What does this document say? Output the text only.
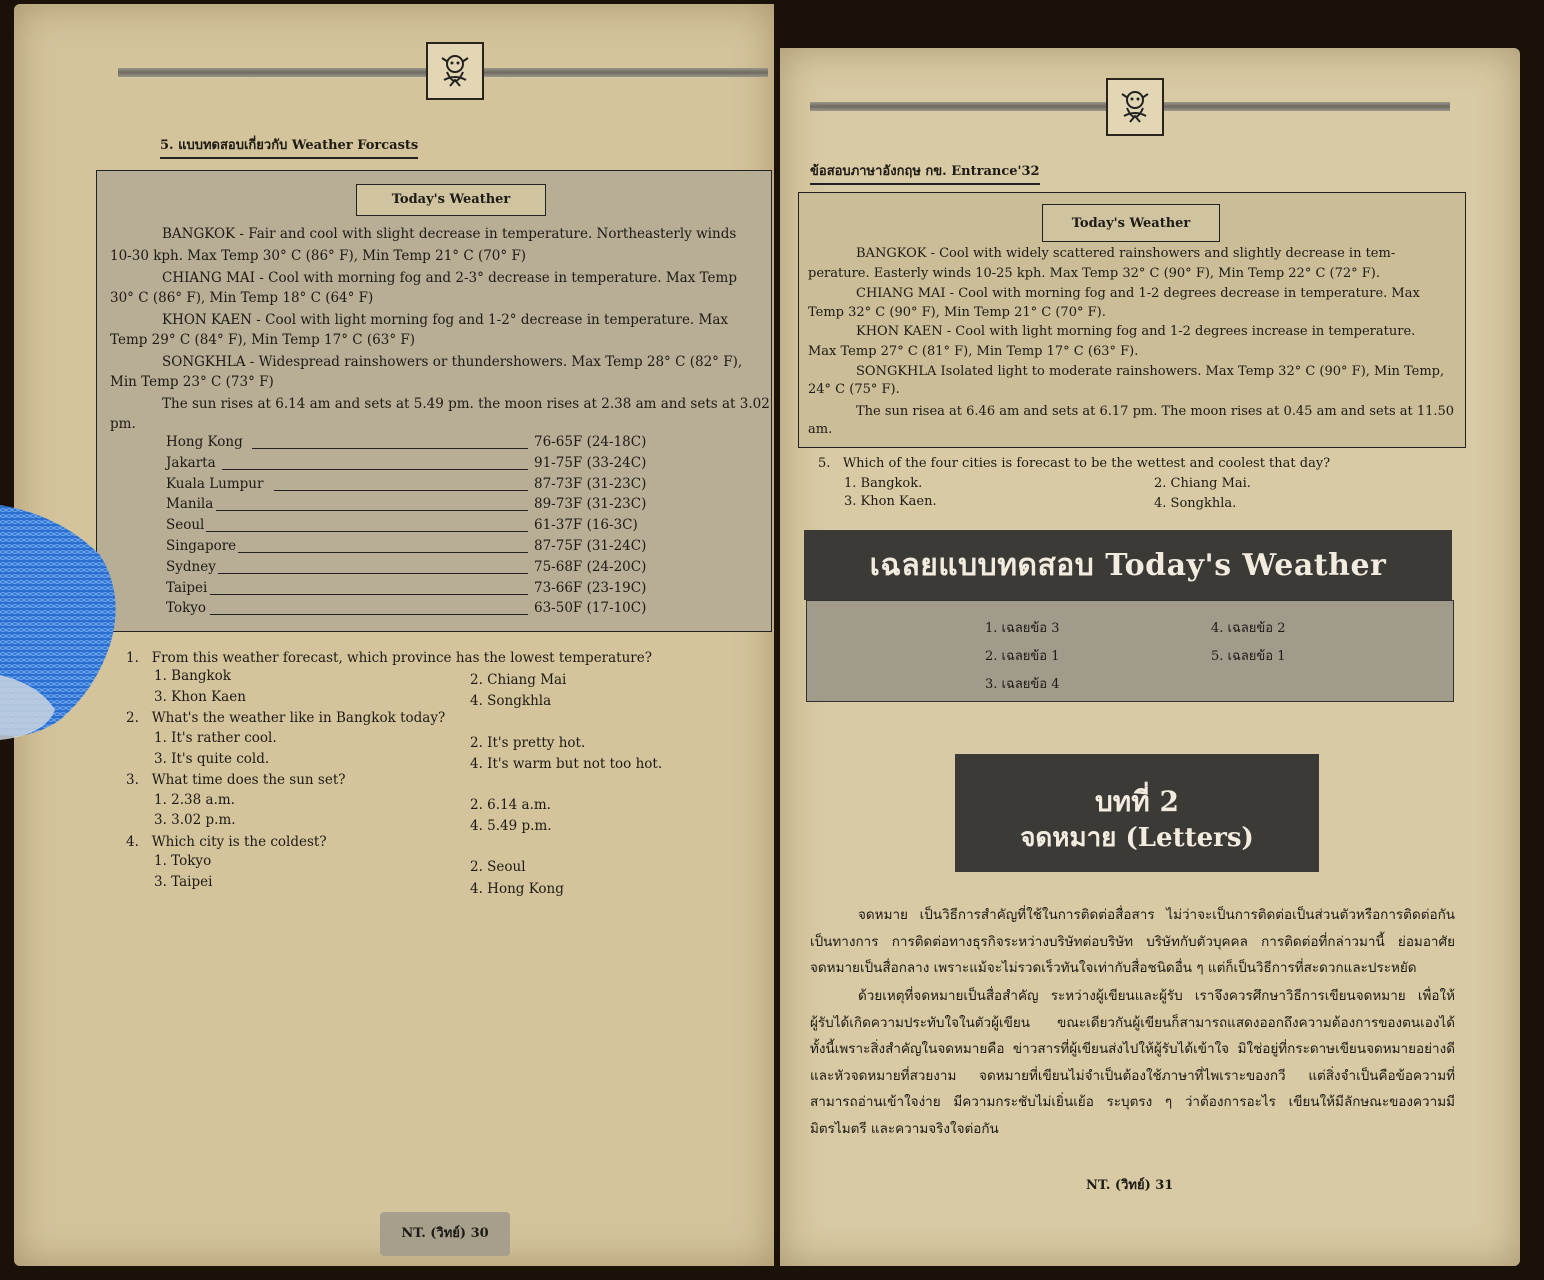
5. แบบทดสอบเกี่ยวกับ Weather Forcasts
Today's Weather
BANGKOK - Fair and cool with slight decrease in temperature. Northeasterly winds
10-30 kph. Max Temp 30° C (86° F), Min Temp 21° C (70° F)
CHIANG MAI - Cool with morning fog and 2-3° decrease in temperature. Max Temp
30° C (86° F), Min Temp 18° C (64° F)
KHON KAEN - Cool with light morning fog and 1-2° decrease in temperature. Max
Temp 29° C (84° F), Min Temp 17° C (63° F)
SONGKHLA - Widespread rainshowers or thundershowers. Max Temp 28° C (82° F),
Min Temp 23° C (73° F)
The sun rises at 6.14 am and sets at 5.49 pm. the moon rises at 2.38 am and sets at 3.02
pm.
Hong Kong	76-65F (24-18C)
Jakarta	91-75F (33-24C)
Kuala Lumpur	87-73F (31-23C)
Manila	89-73F (31-23C)
Seoul	61-37F (16-3C)
Singapore	87-75F (31-24C)
Sydney	75-68F (24-20C)
Taipei	73-66F (23-19C)
Tokyo	63-50F (17-10C)
1. From this weather forecast, which province has the lowest temperature?
1. Bangkok	2. Chiang Mai
3. Khon Kaen	4. Songkhla
2. What's the weather like in Bangkok today?
1. It's rather cool.	2. It's pretty hot.
3. It's quite cold.	4. It's warm but not too hot.
3. What time does the sun set?
1. 2.38 a.m.	2. 6.14 a.m.
3. 3.02 p.m.	4. 5.49 p.m.
4. Which city is the coldest?
1. Tokyo	2. Seoul
3. Taipei	4. Hong Kong
NT. (วิทย์) 30
ข้อสอบภาษาอังกฤษ กข. Entrance'32
Today's Weather
BANGKOK - Cool with widely scattered rainshowers and slightly decrease in tem-
perature. Easterly winds 10-25 kph. Max Temp 32° C (90° F), Min Temp 22° C (72° F).
CHIANG MAI - Cool with morning fog and 1-2 degrees decrease in temperature. Max
Temp 32° C (90° F), Min Temp 21° C (70° F).
KHON KAEN - Cool with light morning fog and 1-2 degrees increase in temperature.
Max Temp 27° C (81° F), Min Temp 17° C (63° F).
SONGKHLA Isolated light to moderate rainshowers. Max Temp 32° C (90° F), Min Temp,
24° C (75° F).
The sun risea at 6.46 am and sets at 6.17 pm. The moon rises at 0.45 am and sets at 11.50
am.
5. Which of the four cities is forecast to be the wettest and coolest that day?
1. Bangkok.	2. Chiang Mai.
3. Khon Kaen.	4. Songkhla.
เฉลยแบบทดสอบ Today's Weather
1. เฉลยข้อ 3	4. เฉลยข้อ 2
2. เฉลยข้อ 1	5. เฉลยข้อ 1
3. เฉลยข้อ 4
บทที่ 2
จดหมาย (Letters)
จดหมาย เป็นวิธีการสำคัญที่ใช้ในการติดต่อสื่อสาร ไม่ว่าจะเป็นการติดต่อเป็นส่วนตัวหรือการติดต่อกันเป็นทางการ การติดต่อทางธุรกิจระหว่างบริษัทต่อบริษัท บริษัทกับตัวบุคคล การติดต่อที่กล่าวมานี้ ย่อมอาศัยจดหมายเป็นสื่อกลาง เพราะแม้จะไม่รวดเร็วทันใจเท่ากับสื่อชนิดอื่น ๆ แต่ก็เป็นวิธีการที่สะดวกและประหยัด
ด้วยเหตุที่จดหมายเป็นสื่อสำคัญ ระหว่างผู้เขียนและผู้รับ เราจึงควรศึกษาวิธีการเขียนจดหมาย เพื่อให้ผู้รับได้เกิดความประทับใจในตัวผู้เขียน ขณะเดียวกันผู้เขียนก็สามารถแสดงออกถึงความต้องการของตนเองได้ ทั้งนี้เพราะสิ่งสำคัญในจดหมายคือ ข่าวสารที่ผู้เขียนส่งไปให้ผู้รับได้เข้าใจ มิใช่อยู่ที่กระดาษเขียนจดหมายอย่างดี และหัวจดหมายที่สวยงาม จดหมายที่เขียนไม่จำเป็นต้องใช้ภาษาที่ไพเราะของกวี แต่สิ่งจำเป็นคือข้อความที่สามารถอ่านเข้าใจง่าย มีความกระชับไม่เยิ่นเย้อ ระบุตรง ๆ ว่าต้องการอะไร เขียนให้มีลักษณะของความมีมิตรไมตรี และความจริงใจต่อกัน
NT. (วิทย์) 31
